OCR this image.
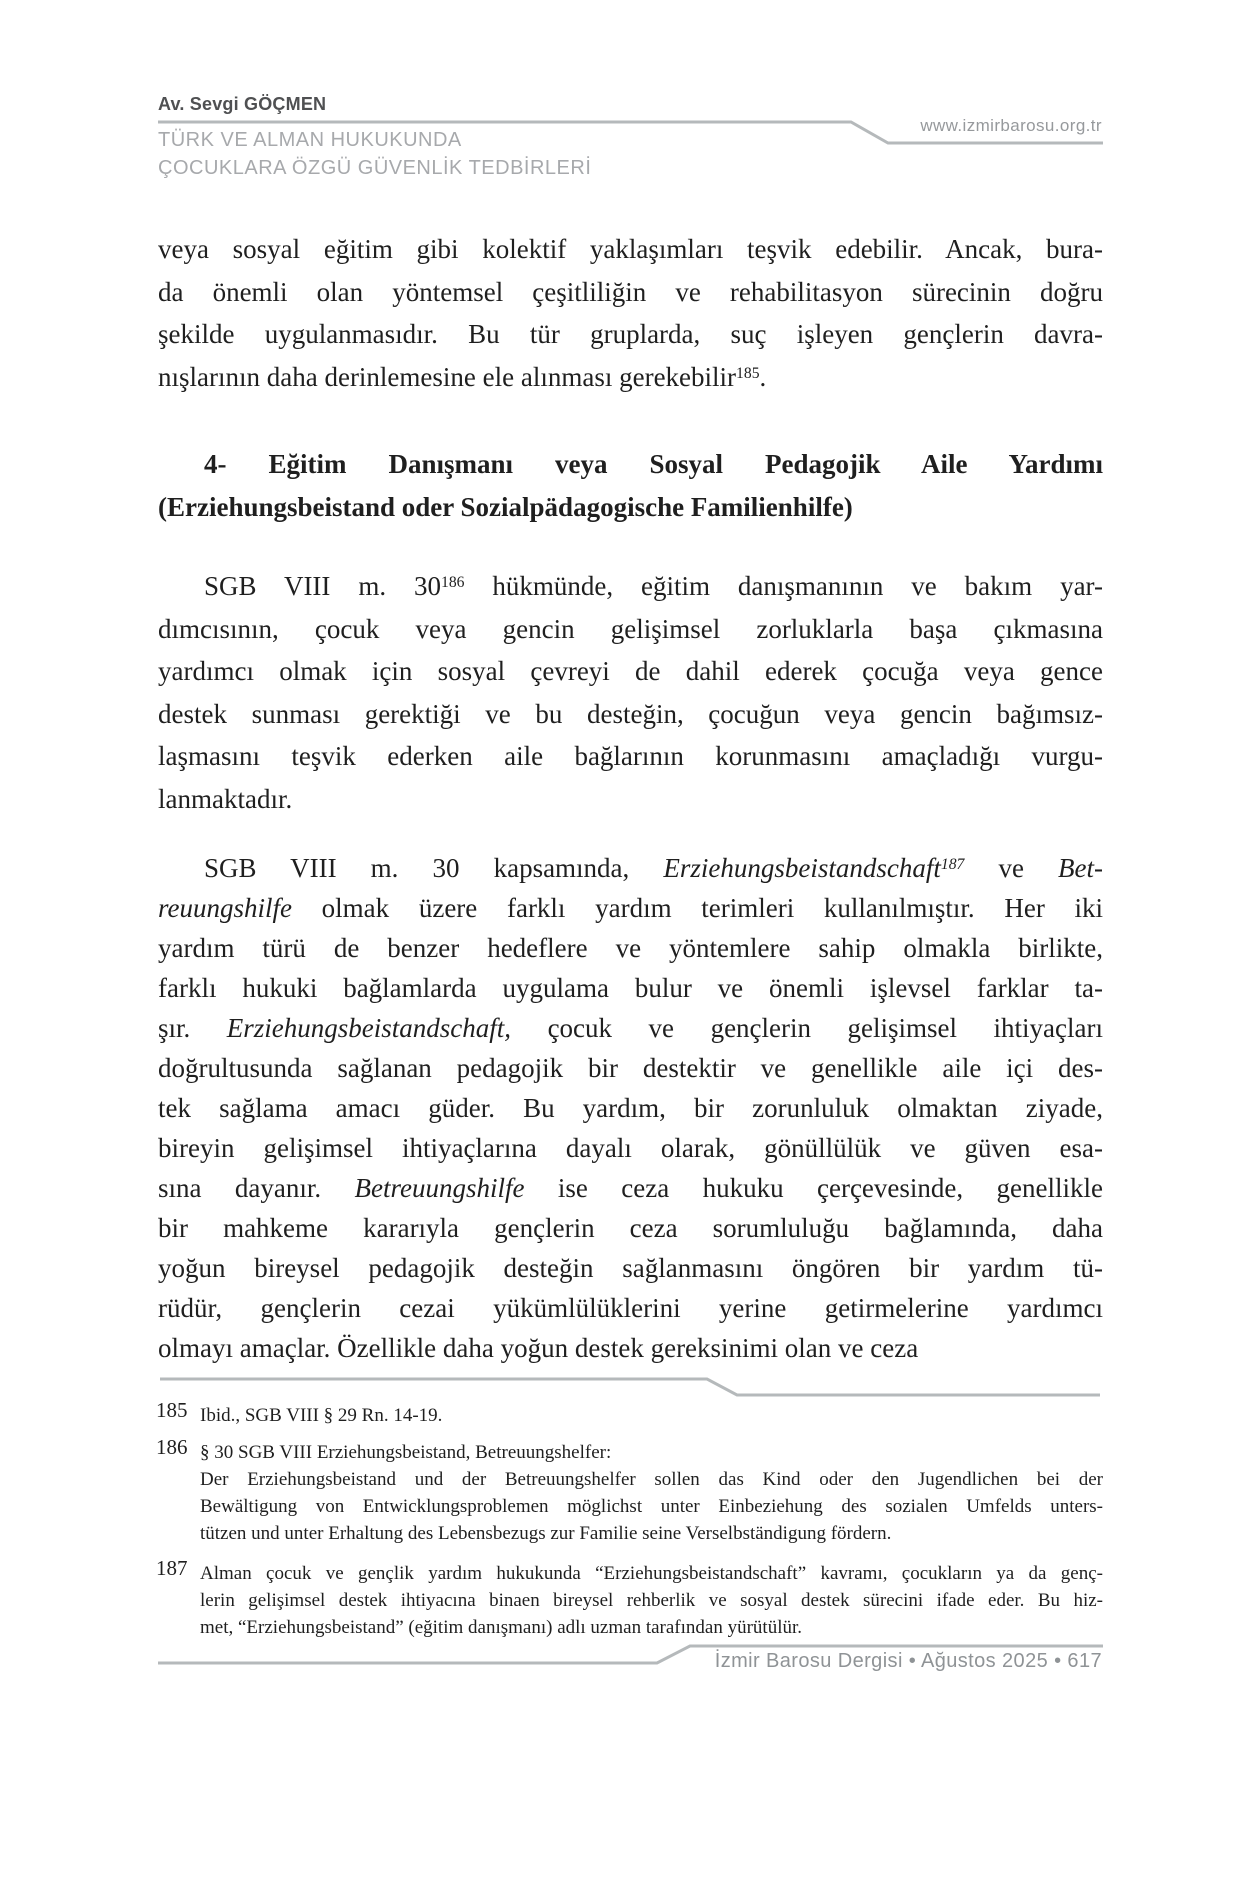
Av. Sevgi GÖÇMEN
www.izmirbarosu.org.tr
TÜRK VE ALMAN HUKUKUNDA
ÇOCUKLARA ÖZGÜ GÜVENLİK TEDBİRLERİ
veya sosyal eğitim gibi kolektif yaklaşımları teşvik edebilir. Ancak, bura-
da önemli olan yöntemsel çeşitliliğin ve rehabilitasyon sürecinin doğru
şekilde uygulanmasıdır. Bu tür gruplarda, suç işleyen gençlerin davra-
nışlarının daha derinlemesine ele alınması gerekebilir$^{185}$.
4- Eğitim Danışmanı veya Sosyal Pedagojik Aile Yardımı
(Erziehungsbeistand oder Sozialpädagogische Familienhilfe)
SGB VIII m. $30^{186}$ hükmünde, eğitim danışmanının ve bakım yar-
dımcısının, çocuk veya gencin gelişimsel zorluklarla başa çıkmasına
yardımcı olmak için sosyal çevreyi de dahil ederek çocuğa veya gence
destek sunması gerektiği ve bu desteğin, çocuğun veya gencin bağımsız-
laşmasını teşvik ederken aile bağlarının korunmasını amaçladığı vurgu-
lanmaktadır.
SGB VIII m. 30 kapsamında, Erziehungsbeistandschaft$^{187}$ ve Bet-
reuungshilfe olmak üzere farklı yardım terimleri kullanılmıştır. Her iki
yardım türü de benzer hedeflere ve yöntemlere sahip olmakla birlikte,
farklı hukuki bağlamlarda uygulama bulur ve önemli işlevsel farklar ta-
şır. Erziehungsbeistandschaft, çocuk ve gençlerin gelişimsel ihtiyaçları
doğrultusunda sağlanan pedagojik bir destektir ve genellikle aile içi des-
tek sağlama amacı güder. Bu yardım, bir zorunluluk olmaktan ziyade,
bireyin gelişimsel ihtiyaçlarına dayalı olarak, gönüllülük ve güven esa-
sına dayanır. Betreuungshilfe ise ceza hukuku çerçevesinde, genellikle
bir mahkeme kararıyla gençlerin ceza sorumluluğu bağlamında, daha
yoğun bireysel pedagojik desteğin sağlanmasını öngören bir yardım tü-
rüdür, gençlerin cezai yükümlülüklerini yerine getirmelerine yardımcı
olmayı amaçlar. Özellikle daha yoğun destek gereksinimi olan ve ceza
185 Ibid., SGB VIII § 29 Rn. 14-19.
186 § 30 SGB VIII Erziehungsbeistand, Betreuungshelfer:
Der Erziehungsbeistand und der Betreuungshelfer sollen das Kind oder den Jugendlichen bei der
Bewältigung von Entwicklungsproblemen möglichst unter Einbeziehung des sozialen Umfelds unters-
tützen und unter Erhaltung des Lebensbezugs zur Familie seine Verselbständigung fördern.
187 Alman çocuk ve gençlik yardım hukukunda “Erziehungsbeistandschaft” kavramı, çocukların ya da genç-
lerin gelişimsel destek ihtiyacına binaen bireysel rehberlik ve sosyal destek sürecini ifade eder. Bu hiz-
met, “Erziehungsbeistand” (eğitim danışmanı) adlı uzman tarafından yürütülür.
İzmir Barosu Dergisi • Ağustos 2025 • 617
